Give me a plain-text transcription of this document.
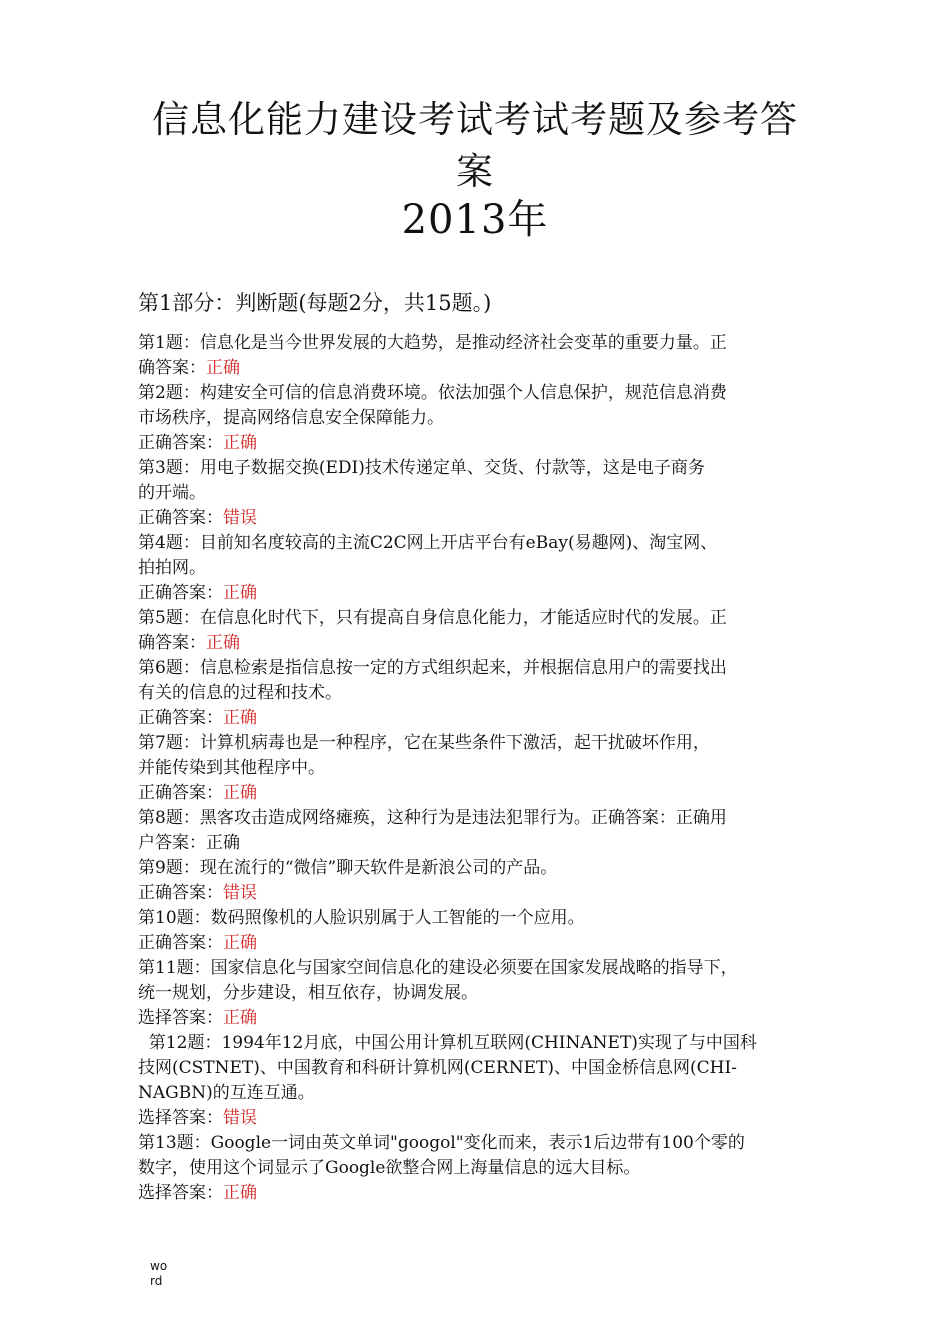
信息化能力建设考试考试考题及参考答
案
2013年
第1部分：判断题(每题2分，共15题。)
第1题：信息化是当今世界发展的大趋势，是推动经济社会变革的重要力量。正
确答案：正确
第2题：构建安全可信的信息消费环境。依法加强个人信息保护，规范信息消费
市场秩序，提高网络信息安全保障能力。
正确答案：正确
第3题：用电子数据交换(EDI)技术传递定单、交货、付款等，这是电子商务
的开端。
正确答案：错误
第4题：目前知名度较高的主流C2C网上开店平台有eBay(易趣网)、淘宝网、
拍拍网。
正确答案：正确
第5题：在信息化时代下，只有提高自身信息化能力，才能适应时代的发展。正
确答案：正确
第6题：信息检索是指信息按一定的方式组织起来，并根据信息用户的需要找出
有关的信息的过程和技术。
正确答案：正确
第7题：计算机病毒也是一种程序，它在某些条件下激活，起干扰破坏作用，
并能传染到其他程序中。
正确答案：正确
第8题：黑客攻击造成网络瘫痪，这种行为是违法犯罪行为。正确答案：正确用
户答案：正确
第9题：现在流行的“微信”聊天软件是新浪公司的产品。
正确答案：错误
第10题：数码照像机的人脸识别属于人工智能的一个应用。
正确答案：正确
第11题：国家信息化与国家空间信息化的建设必须要在国家发展战略的指导下，
统一规划，分步建设，相互依存，协调发展。
选择答案：正确
第12题：1994年12月底，中国公用计算机互联网(CHINANET)实现了与中国科
技网(CSTNET)、中国教育和科研计算机网(CERNET)、中国金桥信息网(CHI-
NAGBN)的互连互通。
选择答案：错误
第13题：Google一词由英文单词"googol"变化而来，表示1后边带有100个零的
数字，使用这个词显示了Google欲整合网上海量信息的远大目标。
选择答案：正确
wo
rd
